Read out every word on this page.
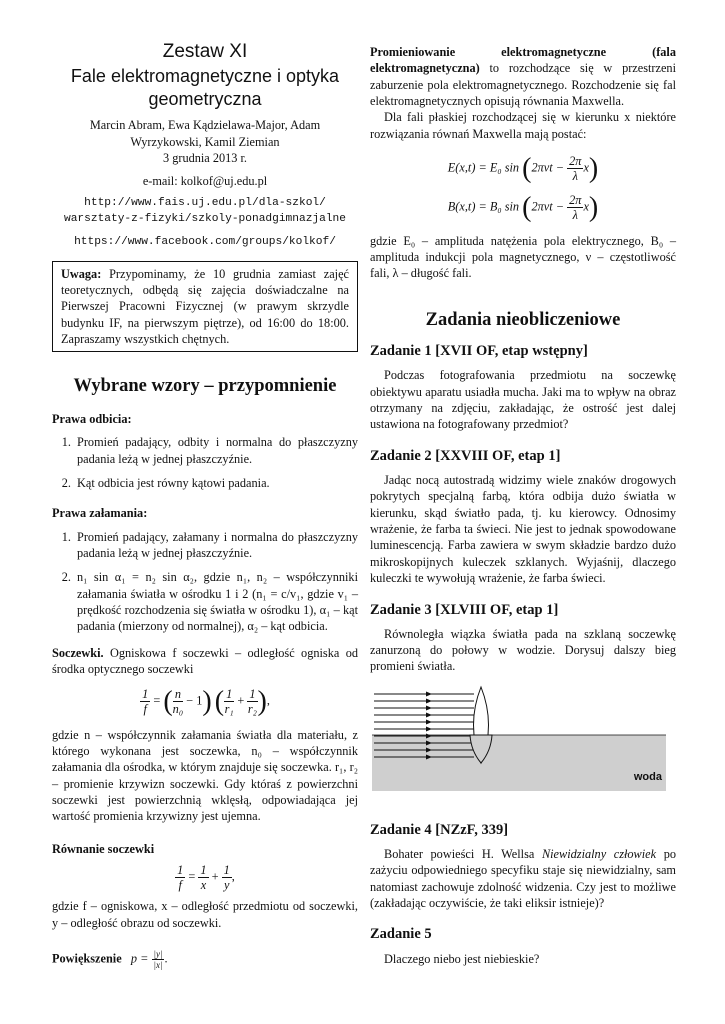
Zestaw XI
Fale elektromagnetyczne i optyka
geometryczna
Marcin Abram, Ewa Kądzielawa-Major, Adam
Wyrzykowski, Kamil Ziemian
3 grudnia 2013 r.
e-mail: kolkof@uj.edu.pl
http://www.fais.uj.edu.pl/dla-szkol/
warsztaty-z-fizyki/szkoly-ponadgimnazjalne
https://www.facebook.com/groups/kolkof/
Uwaga: Przypominamy, że 10 grudnia zamiast zajęć teoretycznych, odbędą się zajęcia doświadczalne na Pierwszej Pracowni Fizycznej (w prawym skrzydle budynku IF, na pierwszym piętrze), od 16:00 do 18:00. Zapraszamy wszystkich chętnych.
Wybrane wzory – przypomnienie
Prawa odbicia:
1. Promień padający, odbity i normalna do płaszczyzny padania leżą w jednej płaszczyźnie.
2. Kąt odbicia jest równy kątowi padania.
Prawa załamania:
1. Promień padający, załamany i normalna do płaszczyzny padania leżą w jednej płaszczyźnie.
2. n₁ sin α₁ = n₂ sin α₂, gdzie n₁, n₂ – współczynniki załamania światła w ośrodku 1 i 2 (n₁ = c/v₁, gdzie v₁ – prędkość rozchodzenia się światła w ośrodku 1), α₁ – kąt padania (mierzony od normalnej), α₂ – kąt odbicia.

Soczewki. Ogniskowa f soczewki – odległość ogniska od środka optycznego soczewki

$\frac{1}{f}$ = ( $\frac{n}{\text{n₀}} - 1$) ( $\frac{1}{\text{r₁}} + \frac{1}{\text{r₂}}$ ),

gdzie n – współczynnik załamania światła dla materiału, z którego wykonana jest soczewka, n₀ – współczynnik załamania dla ośrodka, w którym znajduje się soczewka. r₁, r₂ – promienie krzywizn soczewki. Gdy któraś z powierzchni soczewki jest powierzchnią wklęsłą, odpowiadająca jej wartość promienia krzywizny jest ujemna.

Równanie soczewki
$\frac{1}{f} = \frac{1}{x} + \frac{1}{y}$ ,

gdzie f – ogniskowa, x – odległość przedmiotu od soczewki, y – odległość obrazu od soczewki.

Powiększenie $p = \frac{|y|}{|x|}$ .

Promieniowanie elektromagnetyczne (fala elektromagnetyczna) to rozchodzące się w przestrzeni zaburzenie pola elektromagnetycznego. Rozchodzenie się fal elektromagnetycznych opisują równania Maxwella.

Dla fali płaskiej rozchodzącej się w kierunku x niektóre rozwiązania równań Maxwella mają postać:

E(x,t) = E₀ $\sin (2\pi\nu t - \frac{2\pi}{\lambda} x)$
B(x,t) = B₀ $\sin (2\pi\nu t - \frac{2\pi}{\lambda} x)$

gdzie E₀ – amplituda natężenia pola elektrycznego, B₀ – amplituda indukcji pola magnetycznego, ν – częstotliwość fali, λ – długość fali.

Zadania nieobliczeniowe
Zadanie 1 [XVII OF, etap wstępny]

Podczas fotografowania przedmiotu na soczewkę obiektywu aparatu usiadła mucha. Jaki ma to wpływ na obraz otrzymany na zdjęciu, zakładając, że ostrość jest dalej ustawiona na fotografowany przedmiot?

Zadanie 2 [XXVIII OF, etap 1]

Jadąc nocą autostradą widzimy wiele znaków drogowych pokrytych specjalną farbą, która odbija dużo światła w kierunku, skąd światło pada, tj. ku kierowcy. Odnosimy wrażenie, że farba ta świeci. Nie jest to jednak spowodowane luminescencją. Farba zawiera w swym składzie bardzo dużo mikroskopijnych kuleczek szklanych. Wyjaśnij, dlaczego kuleczki te wywołują wrażenie, że farba świeci.

Zadanie 3 [XLVIII OF, etap 1]

Równoległa wiązka światła pada na szklaną soczewkę zanurzoną do połowy w wodzie. Dorysuj dalszy bieg promieni światła.

woda
Zadanie 4 [NZzF, 339]

Bohater powieści H. Wellsa Niewidzialny człowiek po zażyciu odpowiedniego specyfiku staje się niewidzialny, sam natomiast zachowuje zdolność widzenia. Czy jest to możliwe (zakładając oczywiście, że taki eliksir istnieje)?

Zadanie 5

Dlaczego niebo jest niebieskie?
